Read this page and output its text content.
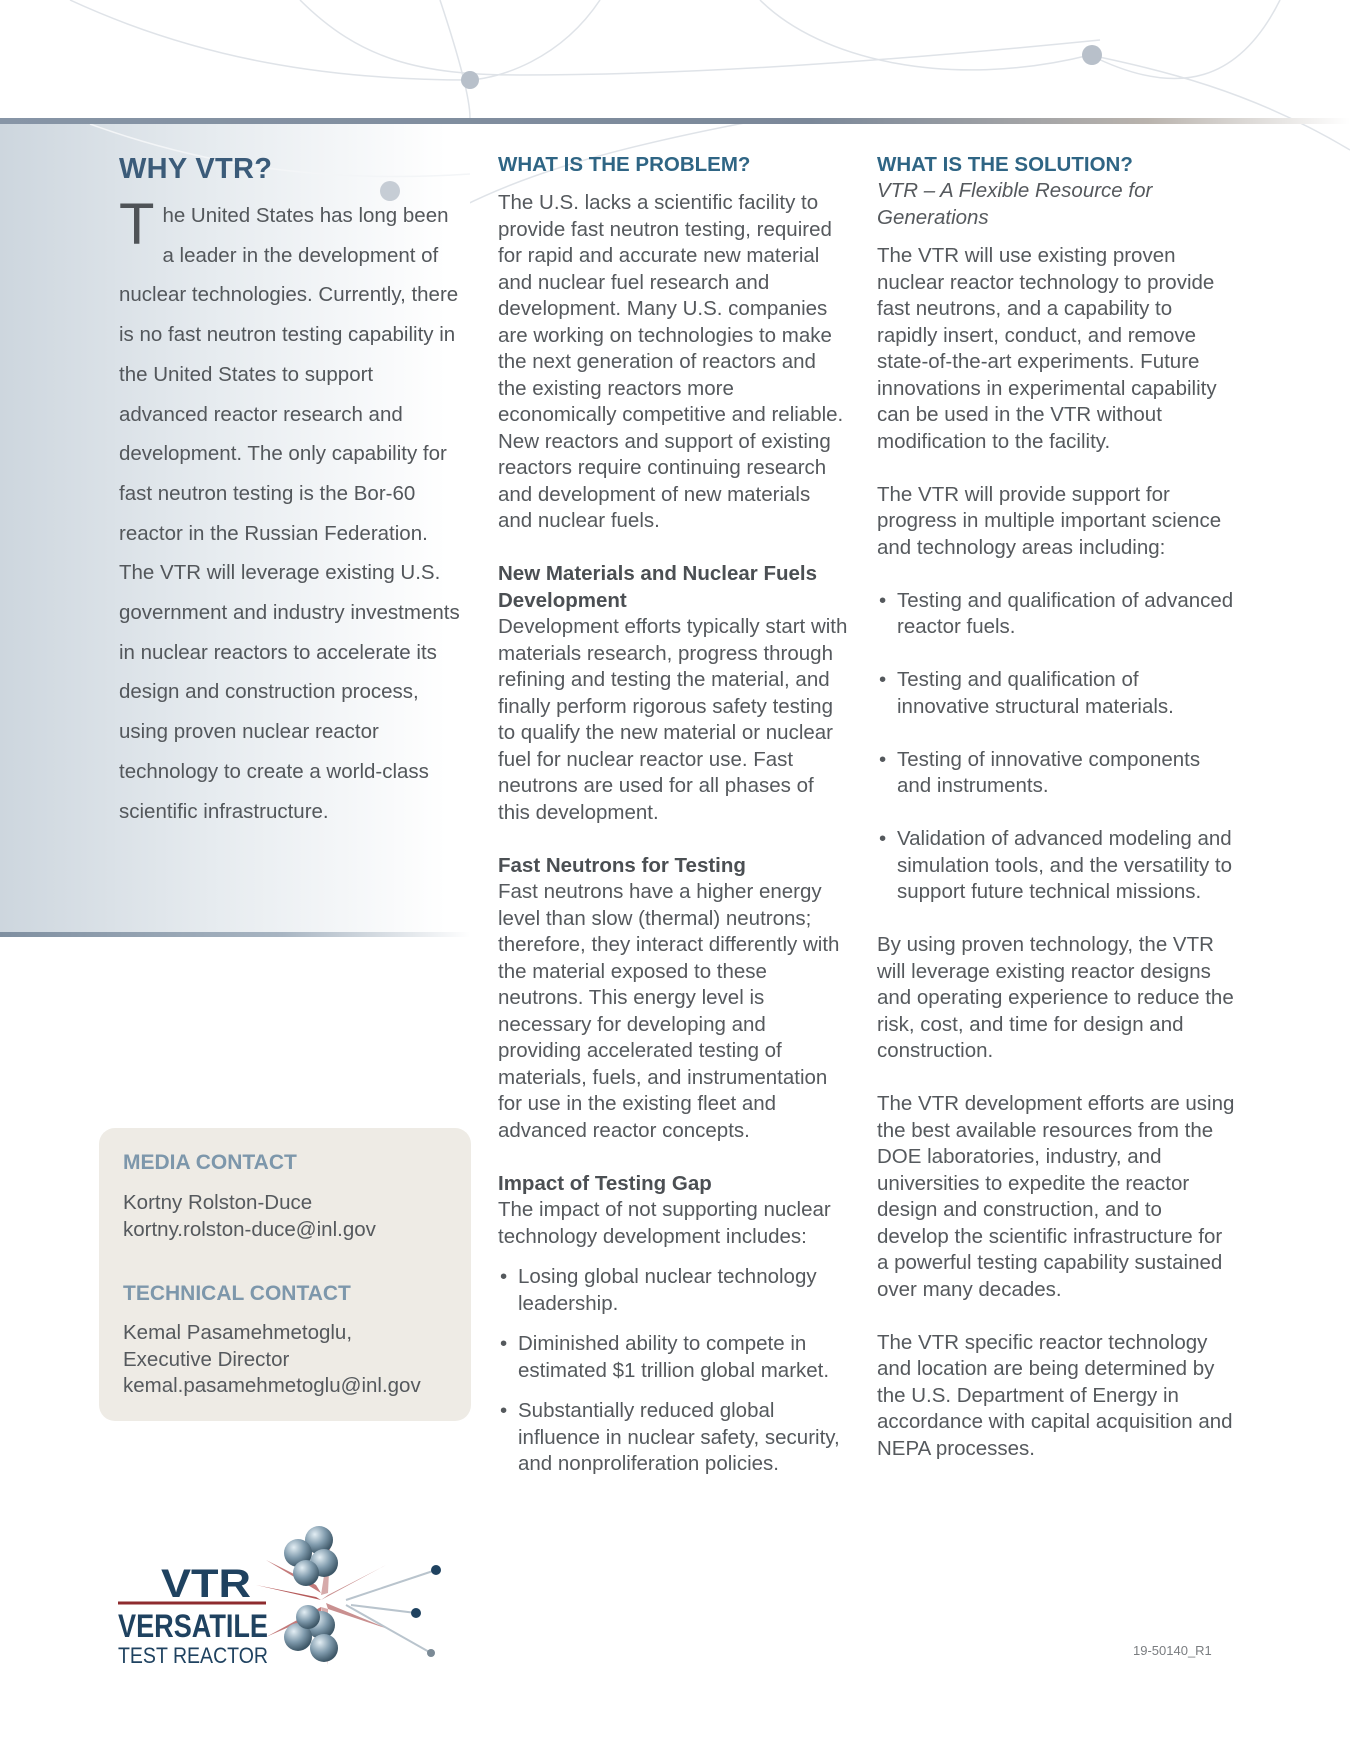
WHY VTR?

The United States has long been a leader in the development of nuclear technologies. Currently, there is no fast neutron testing capability in the United States to support advanced reactor research and development. The only capability for fast neutron testing is the Bor-60 reactor in the Russian Federation. The VTR will leverage existing U.S. government and industry investments in nuclear reactors to accelerate its design and construction process, using proven nuclear reactor technology to create a world-class scientific infrastructure.

WHAT IS THE PROBLEM?

The U.S. lacks a scientific facility to provide fast neutron testing, required for rapid and accurate new material and nuclear fuel research and development. Many U.S. companies are working on technologies to make the next generation of reactors and the existing reactors more economically competitive and reliable. New reactors and support of existing reactors require continuing research and development of new materials and nuclear fuels.

New Materials and Nuclear Fuels Development

Development efforts typically start with materials research, progress through refining and testing the material, and finally perform rigorous safety testing to qualify the new material or nuclear fuel for nuclear reactor use. Fast neutrons are used for all phases of this development.

Fast Neutrons for Testing

Fast neutrons have a higher energy level than slow (thermal) neutrons; therefore, they interact differently with the material exposed to these neutrons. This energy level is necessary for developing and providing accelerated testing of materials, fuels, and instrumentation for use in the existing fleet and advanced reactor concepts.

Impact of Testing Gap

The impact of not supporting nuclear technology development includes:

• Losing global nuclear technology leadership.
• Diminished ability to compete in estimated $1 trillion global market.
• Substantially reduced global influence in nuclear safety, security, and nonproliferation policies.
WHAT IS THE SOLUTION?

VTR – A Flexible Resource for Generations

The VTR will use existing proven nuclear reactor technology to provide fast neutrons, and a capability to rapidly insert, conduct, and remove state-of-the-art experiments. Future innovations in experimental capability can be used in the VTR without modification to the facility.

The VTR will provide support for progress in multiple important science and technology areas including:

• Testing and qualification of advanced reactor fuels.
• Testing and qualification of innovative structural materials.
• Testing of innovative components and instruments.
• Validation of advanced modeling and simulation tools, and the versatility to support future technical missions.

By using proven technology, the VTR will leverage existing reactor designs and operating experience to reduce the risk, cost, and time for design and construction.

The VTR development efforts are using the best available resources from the DOE laboratories, industry, and universities to expedite the reactor design and construction, and to develop the scientific infrastructure for a powerful testing capability sustained over many decades.

The VTR specific reactor technology and location are being determined by the U.S. Department of Energy in accordance with capital acquisition and NEPA processes.

MEDIA CONTACT

Kortny Rolston-Duce
kortny.rolston-duce@inl.gov

TECHNICAL CONTACT

Kemal Pasamehmetoglu,
Executive Director
kemal.pasamehmetoglu@inl.gov

VTR
VERSATILE
TEST REACTOR	19-50140_R1
